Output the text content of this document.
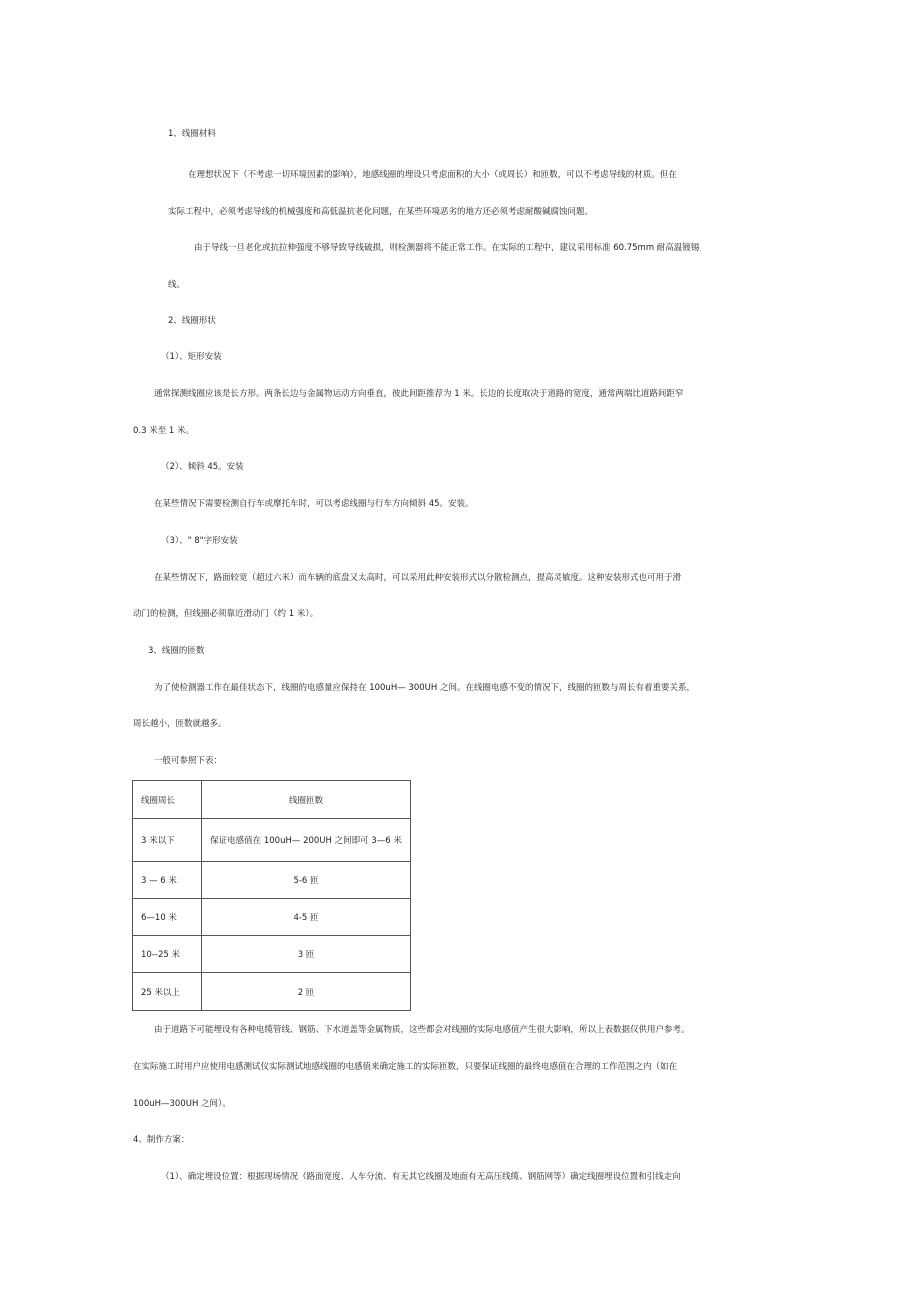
1、线圈材料
在理想状况下（不考虑一切环境因素的影响），地感线圈的埋设只考虑面积的大小（或周长）和匝数，可以不考虑导线的材质。但在
实际工程中，必须考虑导线的机械强度和高低温抗老化问题，在某些环境恶劣的地方还必须考虑耐酸碱腐蚀问题。
由于导线一旦老化或抗拉伸强度不够导致导线破损，则检测器将不能正常工作。在实际的工程中，建议采用标准 60.75mm 耐高温镀锡
线。
2、线圈形状
（1）、矩形安装
通常探测线圈应该是长方形。两条长边与金属物运动方向垂直，彼此间距推荐为 1 米。长边的长度取决于道路的宽度，通常两端比道路间距窄
0.3 米至 1 米。
（2）、倾斜 45。安装
在某些情况下需要检测自行车或摩托车时，可以考虑线圈与行车方向倾斜 45。安装。
（3）、" 8"字形安装
在某些情况下，路面较宽（超过六米）而车辆的底盘又太高时，可以采用此种安装形式以分散检测点，提高灵敏度。这种安装形式也可用于滑
动门的检测，但线圈必须靠近滑动门（约 1 米）。
3、线圈的匝数
为了使检测器工作在最佳状态下，线圈的电感量应保持在 100uH— 300UH 之间。在线圈电感不变的情况下，线圈的匝数与周长有着重要关系，
周长越小，匝数就越多。
一般可参照下表：
线圈周长	线圈匝数
3 米以下	保证电感值在 100uH— 200UH 之间即可 3—6 米
3 — 6 米	5-6 匝
6—10 米	4-5 匝
10--25 米	3 匝
25 米以上	2 匝
由于道路下可能埋设有各种电缆管线、钢筋、下水道盖等金属物质，这些都会对线圈的实际电感值产生很大影响，所以上表数据仅供用户参考。
在实际施工时用户应使用电感测试仪实际测试地感线圈的电感值来确定施工的实际匝数，只要保证线圈的最终电感值在合理的工作范围之内（如在
100uH—300UH 之间）。
4、制作方案：
（1）、确定埋设位置：根据现场情况（路面宽度、人车分流、有无其它线圈及地面有无高压线缆、钢筋网等）确定线圈埋设位置和引线走向
